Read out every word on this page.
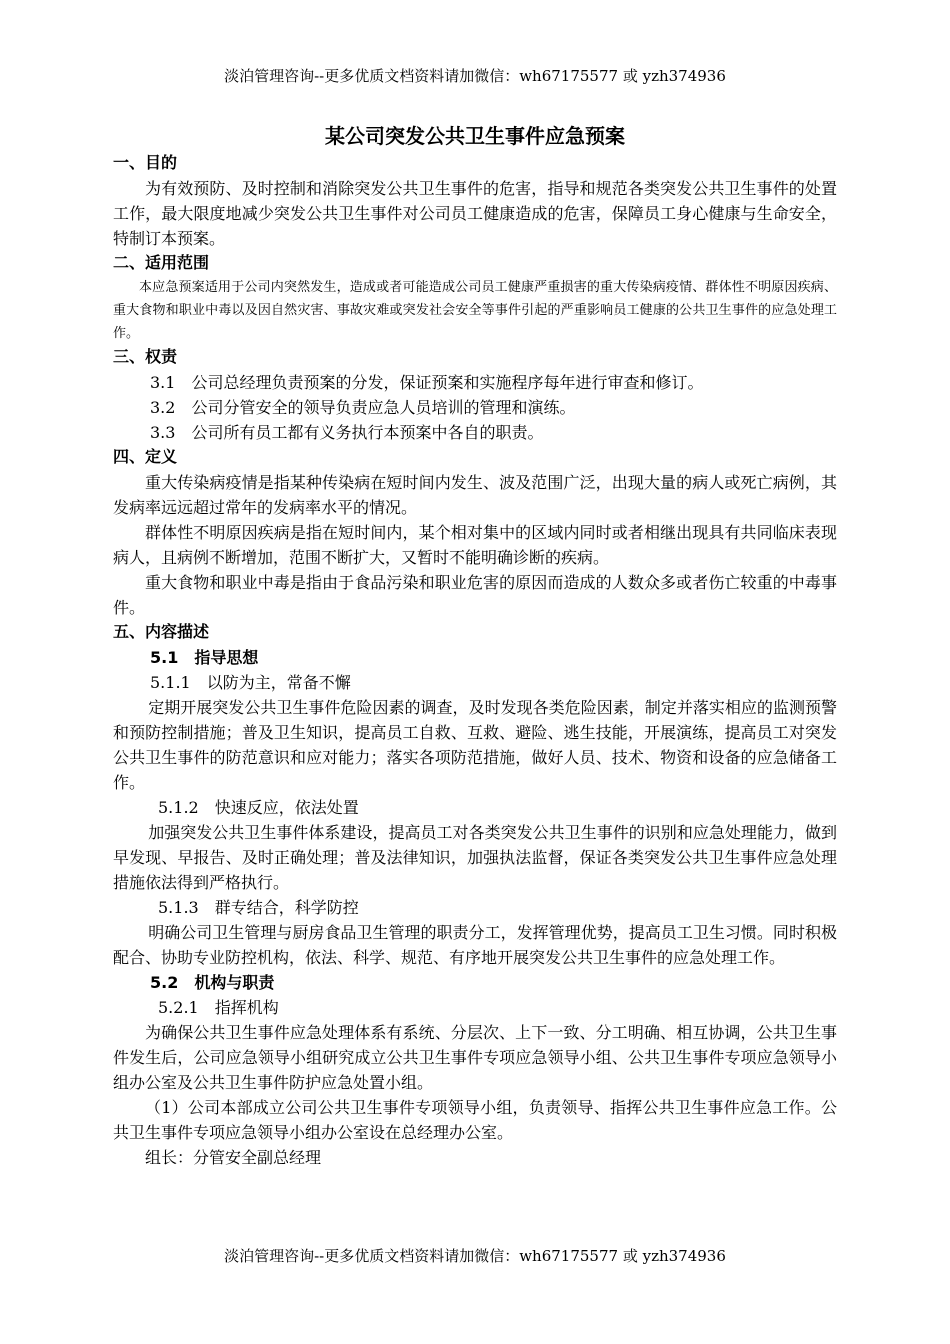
淡泊管理咨询--更多优质文档资料请加微信：wh67175577 或 yzh374936
某公司突发公共卫生事件应急预案
一、目的

为有效预防、及时控制和消除突发公共卫生事件的危害，指导和规范各类突发公共卫生事件的处置工作，最大限度地减少突发公共卫生事件对公司员工健康造成的危害，保障员工身心健康与生命安全，特制订本预案。

二、适用范围

本应急预案适用于公司内突然发生，造成或者可能造成公司员工健康严重损害的重大传染病疫情、群体性不明原因疾病、重大食物和职业中毒以及因自然灾害、事故灾难或突发社会安全等事件引起的严重影响员工健康的公共卫生事件的应急处理工作。

三、权责

3.1　公司总经理负责预案的分发，保证预案和实施程序每年进行审查和修订。

3.2　公司分管安全的领导负责应急人员培训的管理和演练。

3.3　公司所有员工都有义务执行本预案中各自的职责。

四、定义

重大传染病疫情是指某种传染病在短时间内发生、波及范围广泛，出现大量的病人或死亡病例，其发病率远远超过常年的发病率水平的情况。

群体性不明原因疾病是指在短时间内，某个相对集中的区域内同时或者相继出现具有共同临床表现病人，且病例不断增加，范围不断扩大，又暂时不能明确诊断的疾病。

重大食物和职业中毒是指由于食品污染和职业危害的原因而造成的人数众多或者伤亡较重的中毒事件。

五、内容描述
5.1　指导思想
5.1.1　以防为主，常备不懈

定期开展突发公共卫生事件危险因素的调查，及时发现各类危险因素，制定并落实相应的监测预警和预防控制措施；普及卫生知识，提高员工自救、互救、避险、逃生技能，开展演练，提高员工对突发公共卫生事件的防范意识和应对能力；落实各项防范措施，做好人员、技术、物资和设备的应急储备工作。

5.1.2　快速反应，依法处置

加强突发公共卫生事件体系建设，提高员工对各类突发公共卫生事件的识别和应急处理能力，做到早发现、早报告、及时正确处理；普及法律知识，加强执法监督，保证各类突发公共卫生事件应急处理措施依法得到严格执行。

5.1.3　群专结合，科学防控

明确公司卫生管理与厨房食品卫生管理的职责分工，发挥管理优势，提高员工卫生习惯。同时积极配合、协助专业防控机构，依法、科学、规范、有序地开展突发公共卫生事件的应急处理工作。

5.2　机构与职责
5.2.1　指挥机构

为确保公共卫生事件应急处理体系有系统、分层次、上下一致、分工明确、相互协调，公共卫生事件发生后，公司应急领导小组研究成立公共卫生事件专项应急领导小组、公共卫生事件专项应急领导小组办公室及公共卫生事件防护应急处置小组。

（1）公司本部成立公司公共卫生事件专项领导小组，负责领导、指挥公共卫生事件应急工作。公共卫生事件专项应急领导小组办公室设在总经理办公室。

组长：分管安全副总经理

淡泊管理咨询--更多优质文档资料请加微信：wh67175577 或 yzh374936
